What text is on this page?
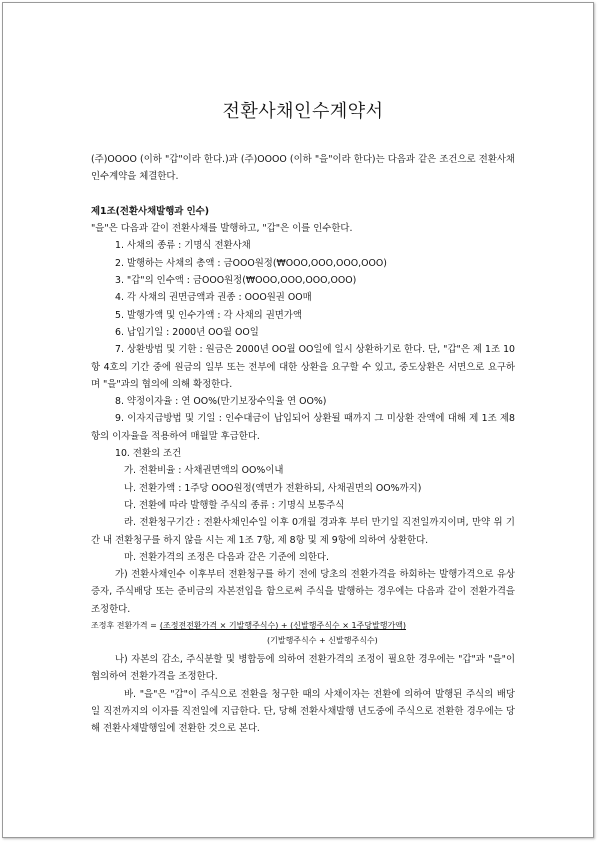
전환사채인수계약서

(주)OOOO (이하 "갑"이라 한다.)과 (주)OOOO (이하 "을"이라 한다)는 다음과 같은 조건으로 전환사채인수계약을 체결한다.

제1조(전환사채발행과 인수)

"을"은 다음과 같이 전환사채를 발행하고, "갑"은 이를 인수한다.

1. 사채의 종류 : 기명식 전환사채

2. 발행하는 사채의 총액 : 금OOO원정(₩OOO,OOO,OOO,OOO)

3. "갑"의 인수액 : 금OOO원정(₩OOO,OOO,OOO,OOO)

4. 각 사채의 권면금액과 권종 : OOO원권 OO매

5. 발행가액 및 인수가액 : 각 사채의 권면가액

6. 납입기일 : 2000년 OO월 OO일

7. 상환방법 및 기한 : 원금은 2000년 OO월 OO일에 일시 상환하기로 한다. 단, "갑"은 제 1조 10항 4호의 기간 중에 원금의 일부 또는 전부에 대한 상환을 요구할 수 있고, 중도상환은 서면으로 요구하며 "을"과의 협의에 의해 확정한다.

8. 약정이자율 : 연 OO%(만기보장수익율 연 OO%)

9. 이자지급방법 및 기일 : 인수대금이 납입되어 상환될 때까지 그 미상환 잔액에 대해 제 1조 제8항의 이자율을 적용하여 매월말 후급한다.

10. 전환의 조건

가. 전환비율 : 사채권면액의 OO%이내

나. 전환가액 : 1주당 OOO원정(액면가 전환하되, 사채권면의 OO%까지)

다. 전환에 따라 발행할 주식의 종류 : 기명식 보통주식

라. 전환청구기간 : 전환사채인수일 이후 0개월 경과후 부터 만기일 직전일까지이며, 만약 위 기간 내 전환청구를 하지 않을 시는 제 1조 7항, 제 8항 및 제 9항에 의하여 상환한다.

마. 전환가격의 조정은 다음과 같은 기준에 의한다.

가) 전환사채인수 이후부터 전환청구를 하기 전에 당초의 전환가격을 하회하는 발행가격으로 유상증자, 주식배당 또는 준비금의 자본전입을 함으로써 주식을 발행하는 경우에는 다음과 같이 전환가격을 조정한다.

조정후 전환가격 = (조정전전환가격 × 기발행주식수) + (신발행주식수 × 1주당발행가액)
(기발행주식수 + 신발행주식수)

나) 자본의 감소, 주식분할 및 병합등에 의하여 전환가격의 조정이 필요한 경우에는 "갑"과 "을"이 협의하여 전환가격을 조정한다.

바. "을"은 "갑"이 주식으로 전환을 청구한 때의 사채이자는 전환에 의하여 발행된 주식의 배당일 직전까지의 이자를 직전일에 지급한다. 단, 당해 전환사채발행 년도중에 주식으로 전환한 경우에는 당해 전환사채발행일에 전환한 것으로 본다.
